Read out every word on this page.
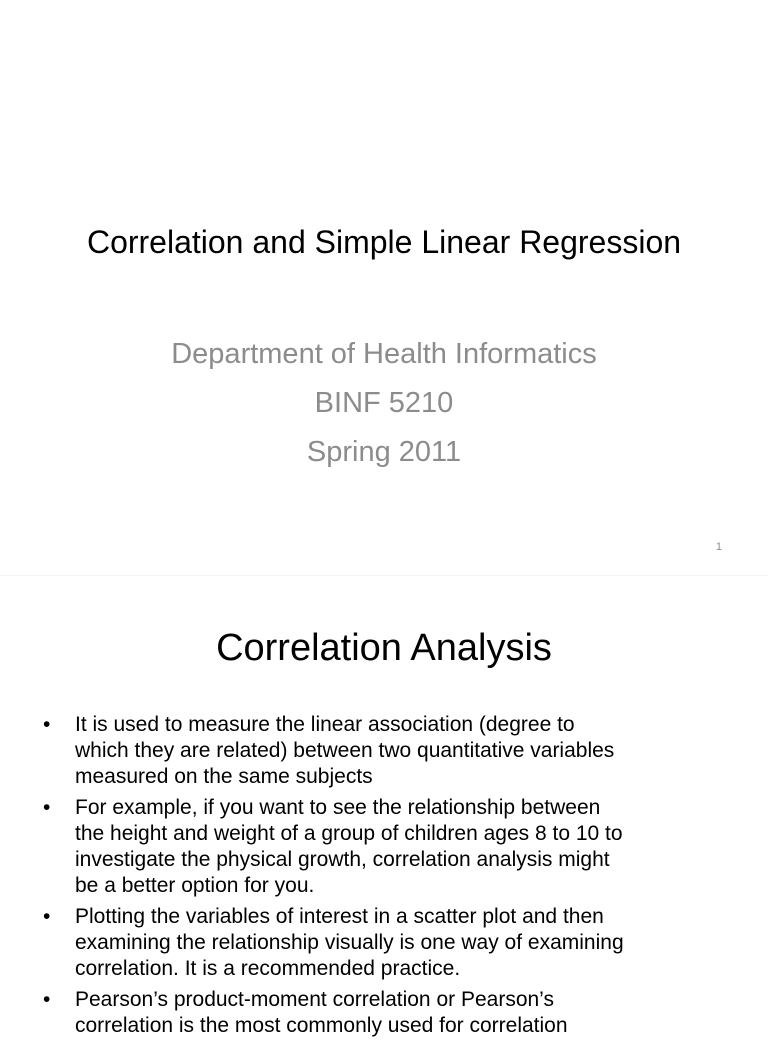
Correlation and Simple Linear Regression
Department of Health Informatics
BINF 5210
Spring 2011
1
Correlation Analysis
• It is used to measure the linear association (degree to
which they are related) between two quantitative variables
measured on the same subjects
• For example, if you want to see the relationship between
the height and weight of a group of children ages 8 to 10 to
investigate the physical growth, correlation analysis might
be a better option for you.
• Plotting the variables of interest in a scatter plot and then
examining the relationship visually is one way of examining
correlation. It is a recommended practice.
• Pearson’s product-moment correlation or Pearson’s
correlation is the most commonly used for correlation
